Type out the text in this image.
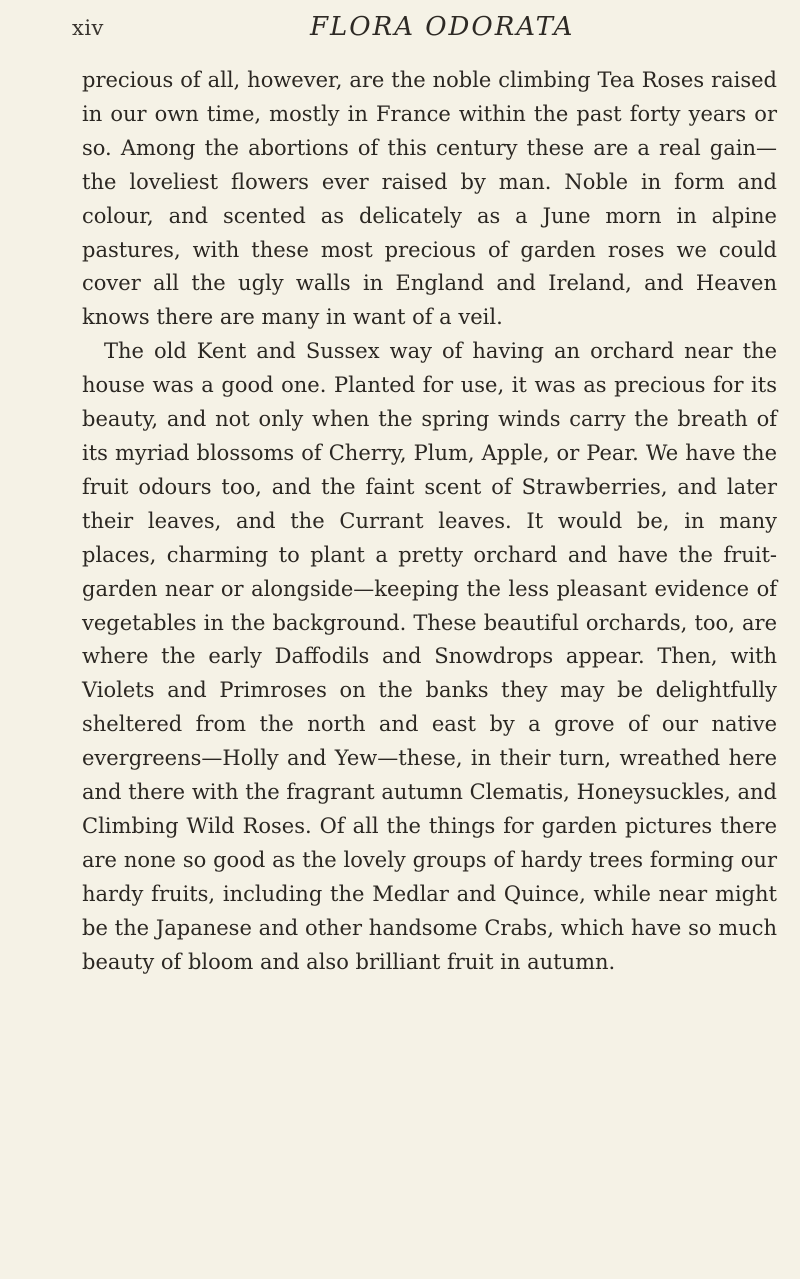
xiv	FLORA ODORATA

precious of all, however, are the noble climbing Tea Roses raised in our own time, mostly in France within the past forty years or so. Among the abortions of this century these are a real gain—the loveliest flowers ever raised by man. Noble in form and colour, and scented as delicately as a June morn in alpine pastures, with these most precious of garden roses we could cover all the ugly walls in England and Ireland, and Heaven knows there are many in want of a veil.

The old Kent and Sussex way of having an orchard near the house was a good one. Planted for use, it was as precious for its beauty, and not only when the spring winds carry the breath of its myriad blossoms of Cherry, Plum, Apple, or Pear. We have the fruit odours too, and the faint scent of Strawberries, and later their leaves, and the Currant leaves. It would be, in many places, charming to plant a pretty orchard and have the fruit-garden near or alongside—keeping the less pleasant evidence of vegetables in the background. These beautiful orchards, too, are where the early Daffodils and Snowdrops appear. Then, with Violets and Primroses on the banks they may be delightfully sheltered from the north and east by a grove of our native evergreens—Holly and Yew—these, in their turn, wreathed here and there with the fragrant autumn Clematis, Honeysuckles, and Climbing Wild Roses. Of all the things for garden pictures there are none so good as the lovely groups of hardy trees forming our hardy fruits, including the Medlar and Quince, while near might be the Japanese and other handsome Crabs, which have so much beauty of bloom and also brilliant fruit in autumn.
